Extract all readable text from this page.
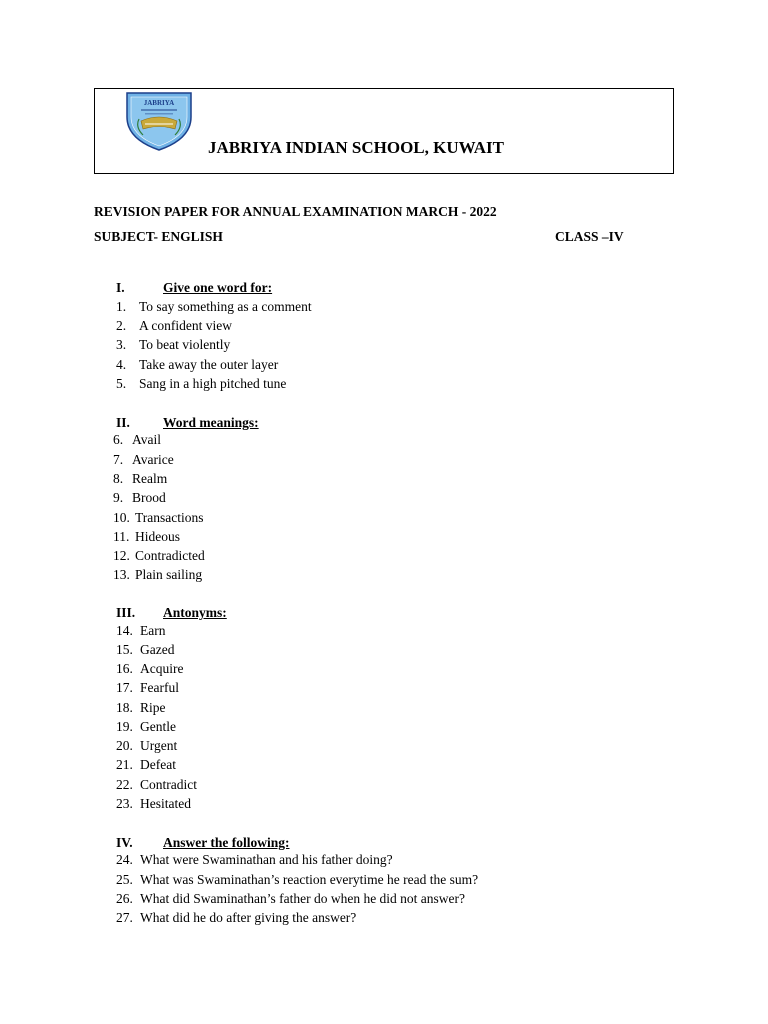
JABRIYA
JABRIYA INDIAN SCHOOL, KUWAIT
REVISION PAPER FOR ANNUAL EXAMINATION MARCH - 2022
SUBJECT- ENGLISH	CLASS –IV
I.	Give one word for:
1. To say something as a comment
2. A confident view
3. To beat violently
4. Take away the outer layer
5. Sang in a high pitched tune
II. Word meanings:
6. Avail
7. Avarice
8. Realm
9. Brood
10. Transactions
11. Hideous
12. Contradicted
13. Plain sailing
III. Antonyms:
14. Earn
15. Gazed
16. Acquire
17. Fearful
18. Ripe
19. Gentle
20. Urgent
21. Defeat
22. Contradict
23. Hesitated
IV. Answer the following:
24. What were Swaminathan and his father doing?
25. What was Swaminathan’s reaction everytime he read the sum?
26. What did Swaminathan’s father do when he did not answer?
27. What did he do after giving the answer?
